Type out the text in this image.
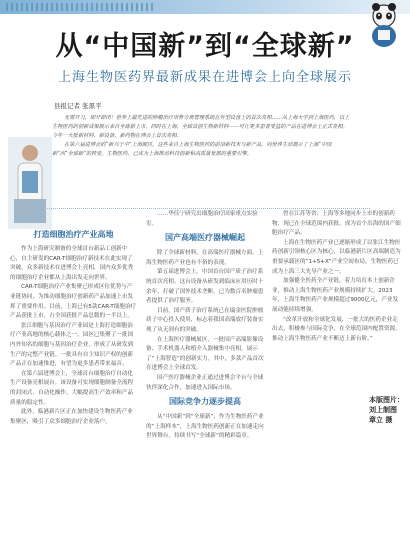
从“中国新”到“全球新”
上海生物医药界最新成果在进博会上向全球展示
县报记者 张黑平

无需开刀，即开即闭！世界上最先进的肿瘤治疗用骨分离管理系统在外型设备上的首次亮相……从上海大学到上海医药，以上生物医药的创新成果展示来自全球新上市，同时在上海，全球首创生物新材料——可让更多患者受益的产品在进博会上正式亮相。今年一大批新材料、新设备、新药物在博会上首次亮相。

在第六届进博会的“新兴于中”上海展区，这些来自上海生物医药的前沿新技术与新产品，向世界生动展示了上海“中国新”向“全球新”的转变。生物医药、已成为上海推动科技创新和高质量发展的重要引擎。

打造细胞治疗产业高地

作为上海研究制备的全球首台新品工创新中心，自主研发的CAR-T细胞治疗新技术在此实现了突破，众多新技术在进博会上亮相，国内众多优秀的细胞治疗企业都从上海出发走向世界。

CAR-T细胞治疗产业集聚已形成区位优势与产业链协同，为推动细胞治疗创新药产品加速上市发挥了重要作用。目前，上海已有5款CAR-T细胞治疗产品获批上市，占全国获批产品总数的一半以上。

张江细胞与基因治疗产业园是上海打造细胞治疗产业高地的核心载体之一。园区已集聚了一批国内外知名的细胞与基因治疗企业，形成了从研发到生产的完整产业链。一批具有自主知识产权的创新产品正在加速推进，有望为更多患者带来福音。

在第六届进博会上，全球首台细胞治疗自动化生产设备亮相展台。该设备可实现细胞制备全流程的封闭式、自动化操作，大幅提高生产效率和产品质量的稳定性。

此外，临港新片区正在加快建设生物医药产业集聚区，吸引了众多细胞治疗企业落户。

……华佳宁研究出细胞治疗国家重点实验室。

国产高端医疗器械崛起

除了全球新材料，在高端医疗器械方面，上海生物医药产业也有不俗的表现。

第五届进博会上，中国首台国产质子治疗系统首次亮相。这台设备从研发到临床应用历时十余年，打破了国外技术垄断，已为数百名肿瘤患者提供了治疗服务。

目前，国产质子治疗系统已在瑞金医院肿瘤质子中心投入使用，标志着我国高端放疗装备实现了从无到有的突破。

在上海医疗器械展区，一批国产高端影像设备、手术机器人和植介入器械集中亮相，展示了“上海智造”的创新实力。其中，多款产品首次在进博会上全球首发。

国产医疗器械企业正通过进博会平台与全球伙伴深化合作，加速进入国际市场。

国际竞争力逐步提高

从“中国新”到“全球新”，作为生物医药产业的“上海样本”，上海生物医药创新正在加速走向世界舞台，持续书写“全球新”的精彩篇章。

曾在江苏等省、上海等多地同步上市的创新药物，现已在全球范围内获批，成为首个出海的国产细胞治疗产品。

上海在生物医药产业已逐渐形成了以张江生物医药创新引领核心区为核心，以临港新片区高端制造为重要承载区的“1+5+X”产业空间布局，生物医药已成为上海三大先导产业之一。

加强健全医药全产业链，着力培育本土创新企业，推动上海生物医药产业规模持续扩大。2023年，上海生物医药产业规模超过9000亿元，产业发展动能持续增强。

“改革开放和全球化发展，一批大的医药企业走出去，积极参与国际竞争，在全球范围内配置资源，推动上海生物医药产业不断迈上新台阶。”

本版图片：
刘上制图
章立 摄
